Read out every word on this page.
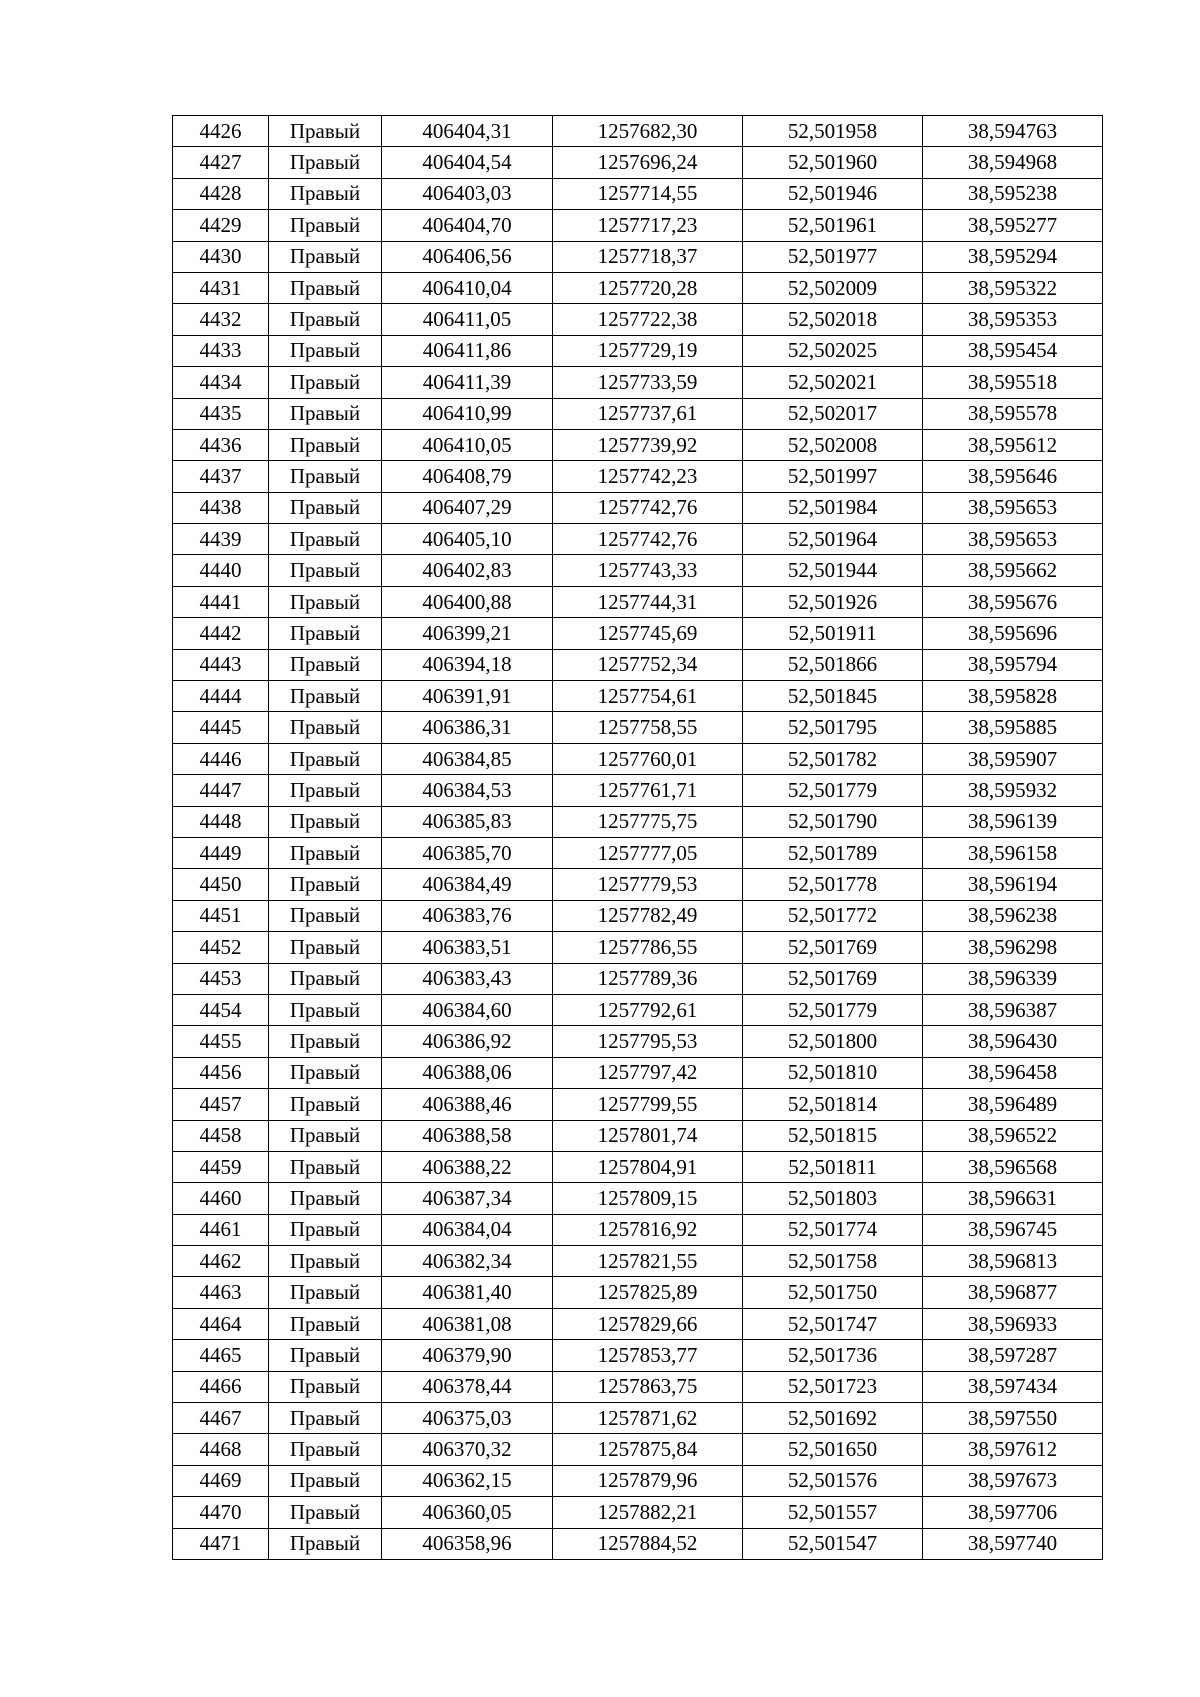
4426	Правый	406404,31	1257682,30	52,501958	38,594763
4427	Правый	406404,54	1257696,24	52,501960	38,594968
4428	Правый	406403,03	1257714,55	52,501946	38,595238
4429	Правый	406404,70	1257717,23	52,501961	38,595277
4430	Правый	406406,56	1257718,37	52,501977	38,595294
4431	Правый	406410,04	1257720,28	52,502009	38,595322
4432	Правый	406411,05	1257722,38	52,502018	38,595353
4433	Правый	406411,86	1257729,19	52,502025	38,595454
4434	Правый	406411,39	1257733,59	52,502021	38,595518
4435	Правый	406410,99	1257737,61	52,502017	38,595578
4436	Правый	406410,05	1257739,92	52,502008	38,595612
4437	Правый	406408,79	1257742,23	52,501997	38,595646
4438	Правый	406407,29	1257742,76	52,501984	38,595653
4439	Правый	406405,10	1257742,76	52,501964	38,595653
4440	Правый	406402,83	1257743,33	52,501944	38,595662
4441	Правый	406400,88	1257744,31	52,501926	38,595676
4442	Правый	406399,21	1257745,69	52,501911	38,595696
4443	Правый	406394,18	1257752,34	52,501866	38,595794
4444	Правый	406391,91	1257754,61	52,501845	38,595828
4445	Правый	406386,31	1257758,55	52,501795	38,595885
4446	Правый	406384,85	1257760,01	52,501782	38,595907
4447	Правый	406384,53	1257761,71	52,501779	38,595932
4448	Правый	406385,83	1257775,75	52,501790	38,596139
4449	Правый	406385,70	1257777,05	52,501789	38,596158
4450	Правый	406384,49	1257779,53	52,501778	38,596194
4451	Правый	406383,76	1257782,49	52,501772	38,596238
4452	Правый	406383,51	1257786,55	52,501769	38,596298
4453	Правый	406383,43	1257789,36	52,501769	38,596339
4454	Правый	406384,60	1257792,61	52,501779	38,596387
4455	Правый	406386,92	1257795,53	52,501800	38,596430
4456	Правый	406388,06	1257797,42	52,501810	38,596458
4457	Правый	406388,46	1257799,55	52,501814	38,596489
4458	Правый	406388,58	1257801,74	52,501815	38,596522
4459	Правый	406388,22	1257804,91	52,501811	38,596568
4460	Правый	406387,34	1257809,15	52,501803	38,596631
4461	Правый	406384,04	1257816,92	52,501774	38,596745
4462	Правый	406382,34	1257821,55	52,501758	38,596813
4463	Правый	406381,40	1257825,89	52,501750	38,596877
4464	Правый	406381,08	1257829,66	52,501747	38,596933
4465	Правый	406379,90	1257853,77	52,501736	38,597287
4466	Правый	406378,44	1257863,75	52,501723	38,597434
4467	Правый	406375,03	1257871,62	52,501692	38,597550
4468	Правый	406370,32	1257875,84	52,501650	38,597612
4469	Правый	406362,15	1257879,96	52,501576	38,597673
4470	Правый	406360,05	1257882,21	52,501557	38,597706
4471	Правый	406358,96	1257884,52	52,501547	38,597740
